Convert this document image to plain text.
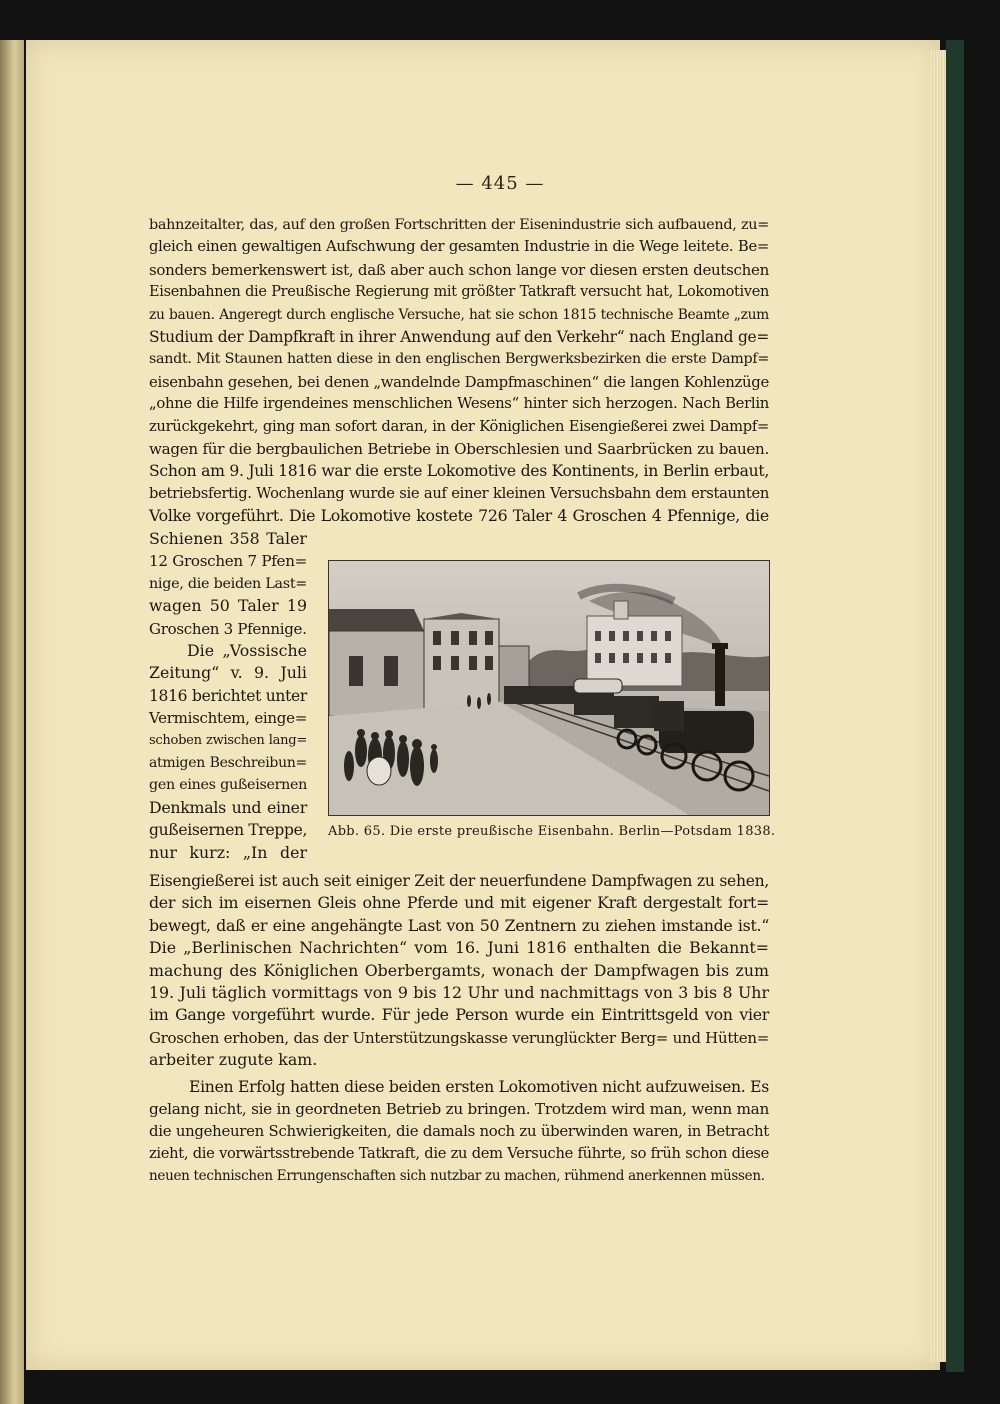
— 445 —
bahnzeitalter, das, auf den großen Fortschritten der Eisenindustrie sich aufbauend, zu=
gleich einen gewaltigen Aufschwung der gesamten Industrie in die Wege leitete. Be=
sonders bemerkenswert ist, daß aber auch schon lange vor diesen ersten deutschen
Eisenbahnen die Preußische Regierung mit größter Tatkraft versucht hat, Lokomotiven
zu bauen. Angeregt durch englische Versuche, hat sie schon 1815 technische Beamte „zum
Studium der Dampfkraft in ihrer Anwendung auf den Verkehr“ nach England ge=
sandt. Mit Staunen hatten diese in den englischen Bergwerksbezirken die erste Dampf=
eisenbahn gesehen, bei denen „wandelnde Dampfmaschinen“ die langen Kohlenzüge
„ohne die Hilfe irgendeines menschlichen Wesens“ hinter sich herzogen. Nach Berlin
zurückgekehrt, ging man sofort daran, in der Königlichen Eisengießerei zwei Dampf=
wagen für die bergbaulichen Betriebe in Oberschlesien und Saarbrücken zu bauen.
Schon am 9. Juli 1816 war die erste Lokomotive des Kontinents, in Berlin erbaut,
betriebsfertig. Wochenlang wurde sie auf einer kleinen Versuchsbahn dem erstaunten
Volke vorgeführt. Die Lokomotive kostete 726 Taler 4 Groschen 4 Pfennige, die
Schienen 358 Taler
12 Groschen 7 Pfen=
nige, die beiden Last=
wagen 50 Taler 19
Groschen 3 Pfennige.
Die „Vossische
Zeitung“ v. 9. Juli
1816 berichtet unter
Vermischtem, einge=
schoben zwischen lang=
atmigen Beschreibun=
gen eines gußeisernen
Denkmals und einer
gußeisernen Treppe,
nur kurz: „In der
Abb. 65. Die erste preußische Eisenbahn. Berlin—Potsdam 1838.
Eisengießerei ist auch seit einiger Zeit der neuerfundene Dampfwagen zu sehen,
der sich im eisernen Gleis ohne Pferde und mit eigener Kraft dergestalt fort=
bewegt, daß er eine angehängte Last von 50 Zentnern zu ziehen imstande ist.“
Die „Berlinischen Nachrichten“ vom 16. Juni 1816 enthalten die Bekannt=
machung des Königlichen Oberbergamts, wonach der Dampfwagen bis zum
19. Juli täglich vormittags von 9 bis 12 Uhr und nachmittags von 3 bis 8 Uhr
im Gange vorgeführt wurde. Für jede Person wurde ein Eintrittsgeld von vier
Groschen erhoben, das der Unterstützungskasse verunglückter Berg= und Hütten=
arbeiter zugute kam.
Einen Erfolg hatten diese beiden ersten Lokomotiven nicht aufzuweisen. Es
gelang nicht, sie in geordneten Betrieb zu bringen. Trotzdem wird man, wenn man
die ungeheuren Schwierigkeiten, die damals noch zu überwinden waren, in Betracht
zieht, die vorwärtsstrebende Tatkraft, die zu dem Versuche führte, so früh schon diese
neuen technischen Errungenschaften sich nutzbar zu machen, rühmend anerkennen müssen.
